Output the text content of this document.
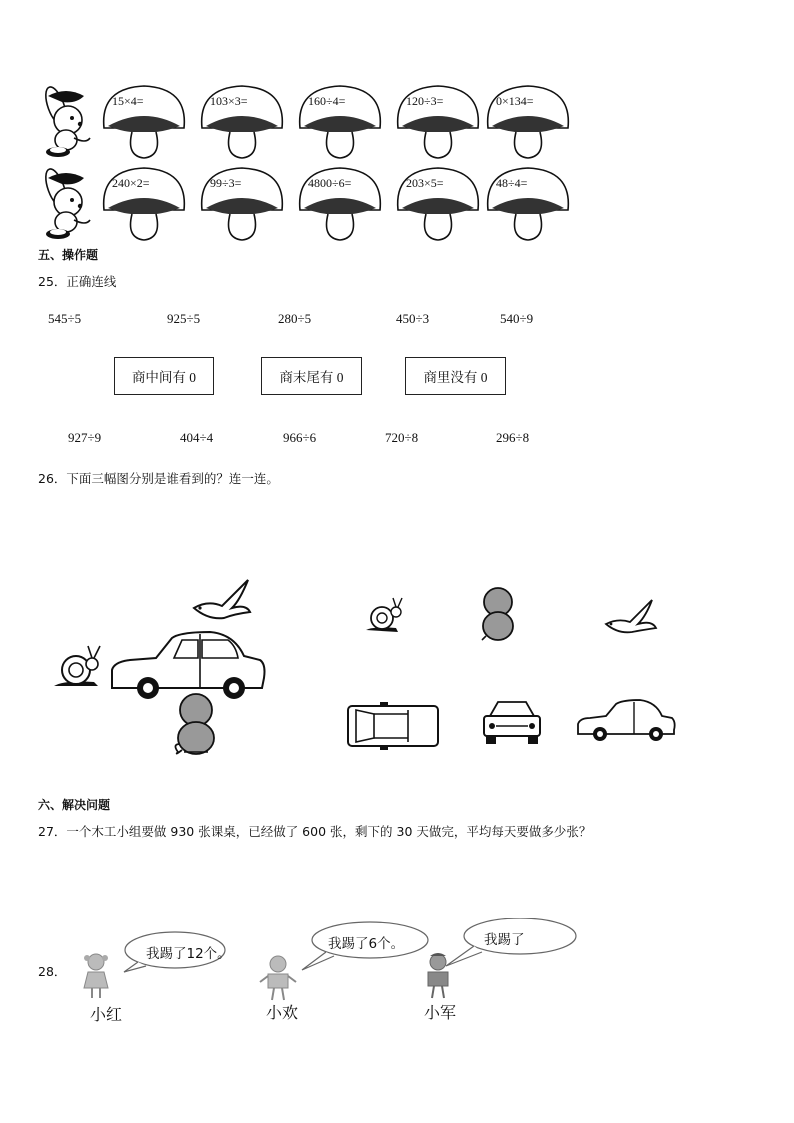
15×4=	103×3=	160÷4=	120÷3=	0×134=
240×2=	99÷3=	4800÷6=	203×5=	48÷4=
五、操作题
25．正确连线
545÷5	925÷5	280÷5	450÷3	540÷9
商中间有 0	商末尾有 0	商里没有 0
927÷9	404÷4	966÷6	720÷8	296÷8
26．下面三幅图分别是谁看到的？连一连。
六、解决问题
27．一个木工小组要做 930 张课桌，已经做了 600 张，剩下的 30 天做完，平均每天要做多少张？
28．
我踢了12个。
我踢了6个。	我踢了
小红	小欢	小军
